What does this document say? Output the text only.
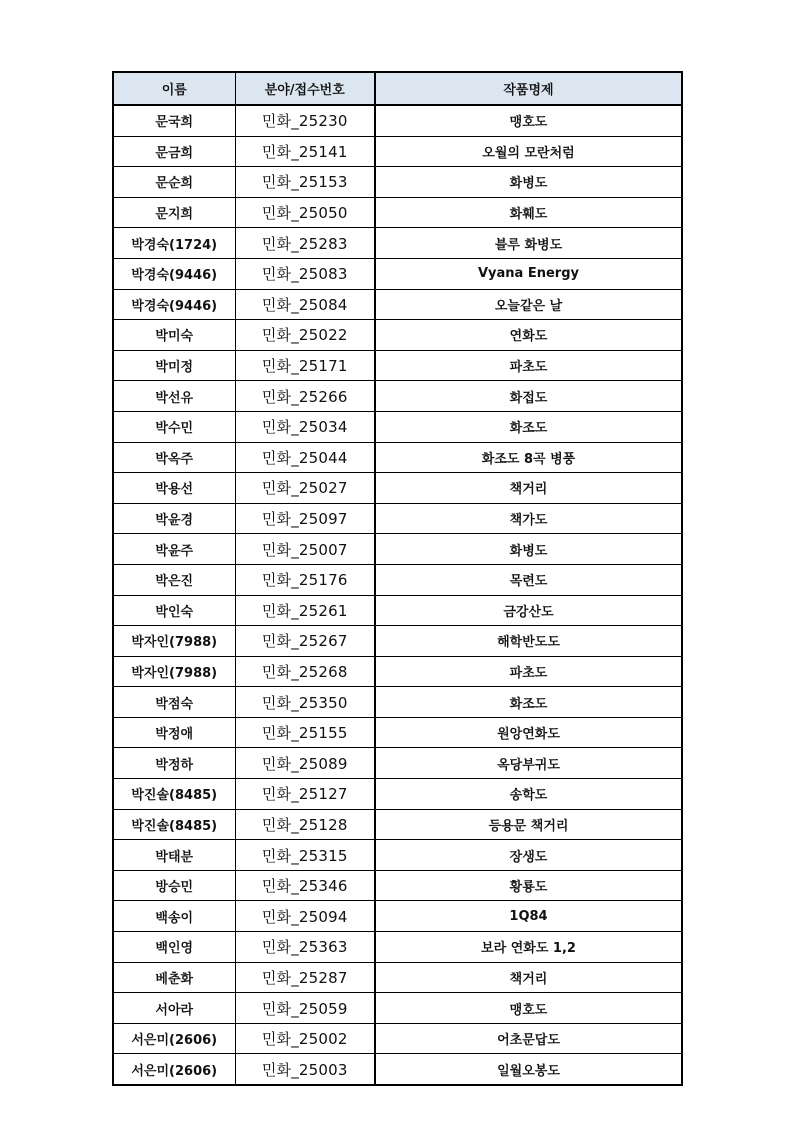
이름	분야/접수번호	작품명제
문국희	민화_25230	맹호도
문금희	민화_25141	오월의 모란처럼
문순희	민화_25153	화병도
문지희	민화_25050	화훼도
박경숙(1724)	민화_25283	블루 화병도
박경숙(9446)	민화_25083	Vyana Energy
박경숙(9446)	민화_25084	오늘같은 날
박미숙	민화_25022	연화도
박미정	민화_25171	파초도
박선유	민화_25266	화접도
박수민	민화_25034	화조도
박옥주	민화_25044	화조도 8곡 병풍
박용선	민화_25027	책거리
박윤경	민화_25097	책가도
박윤주	민화_25007	화병도
박은진	민화_25176	목련도
박인숙	민화_25261	금강산도
박자인(7988)	민화_25267	해학반도도
박자인(7988)	민화_25268	파초도
박점숙	민화_25350	화조도
박정애	민화_25155	원앙연화도
박정하	민화_25089	옥당부귀도
박진솔(8485)	민화_25127	송학도
박진솔(8485)	민화_25128	등용문 책거리
박태분	민화_25315	장생도
방승민	민화_25346	황룡도
백송이	민화_25094	1Q84
백인영	민화_25363	보라 연화도 1,2
베춘화	민화_25287	책거리
서아라	민화_25059	맹호도
서은미(2606)	민화_25002	어초문답도
서은미(2606)	민화_25003	일월오봉도
